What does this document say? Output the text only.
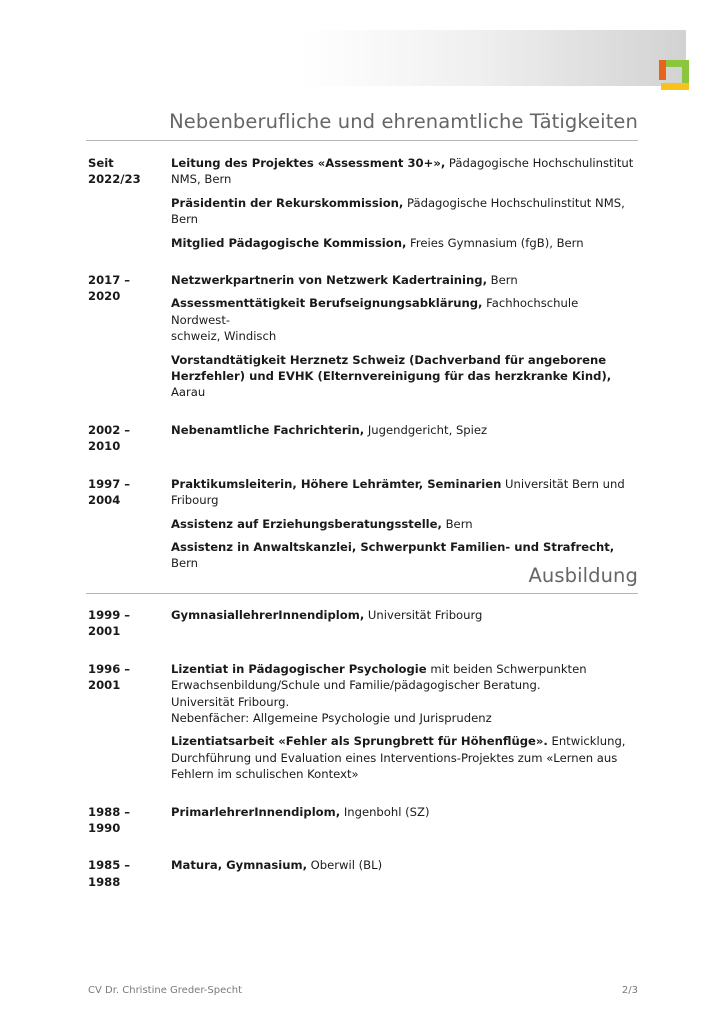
Nebenberufliche und ehrenamtliche Tätigkeiten
Seit
2022/23
Leitung des Projektes «Assessment 30+», Pädagogische Hochschulinstitut
NMS, Bern
Präsidentin der Rekurskommission, Pädagogische Hochschulinstitut NMS, Bern
Mitglied Pädagogische Kommission, Freies Gymnasium (fgB), Bern
2017 –
2020
Netzwerkpartnerin von Netzwerk Kadertraining, Bern
Assessmenttätigkeit Berufseignungsabklärung, Fachhochschule Nordwest-
schweiz, Windisch
Vorstandtätigkeit Herznetz Schweiz (Dachverband für angeborene
Herzfehler) und EVHK (Elternvereinigung für das herzkranke Kind), Aarau
2002 –
2010
Nebenamtliche Fachrichterin, Jugendgericht, Spiez
1997 –
2004
Praktikumsleiterin, Höhere Lehrämter, Seminarien Universität Bern und
Fribourg
Assistenz auf Erziehungsberatungsstelle, Bern
Assistenz in Anwaltskanzlei, Schwerpunkt Familien- und Strafrecht, Bern
Ausbildung
1999 –
2001
GymnasiallehrerInnendiplom, Universität Fribourg
1996 –
2001
Lizentiat in Pädagogischer Psychologie mit beiden Schwerpunkten
Erwachsenbildung/Schule und Familie/pädagogischer Beratung.
Universität Fribourg.
Nebenfächer: Allgemeine Psychologie und Jurisprudenz
Lizentiatsarbeit «Fehler als Sprungbrett für Höhenflüge». Entwicklung,
Durchführung und Evaluation eines Interventions-Projektes zum «Lernen aus
Fehlern im schulischen Kontext»
1988 –
1990
PrimarlehrerInnendiplom, Ingenbohl (SZ)
1985 –
1988
Matura, Gymnasium, Oberwil (BL)
CV Dr. Christine Greder-Specht	2/3
